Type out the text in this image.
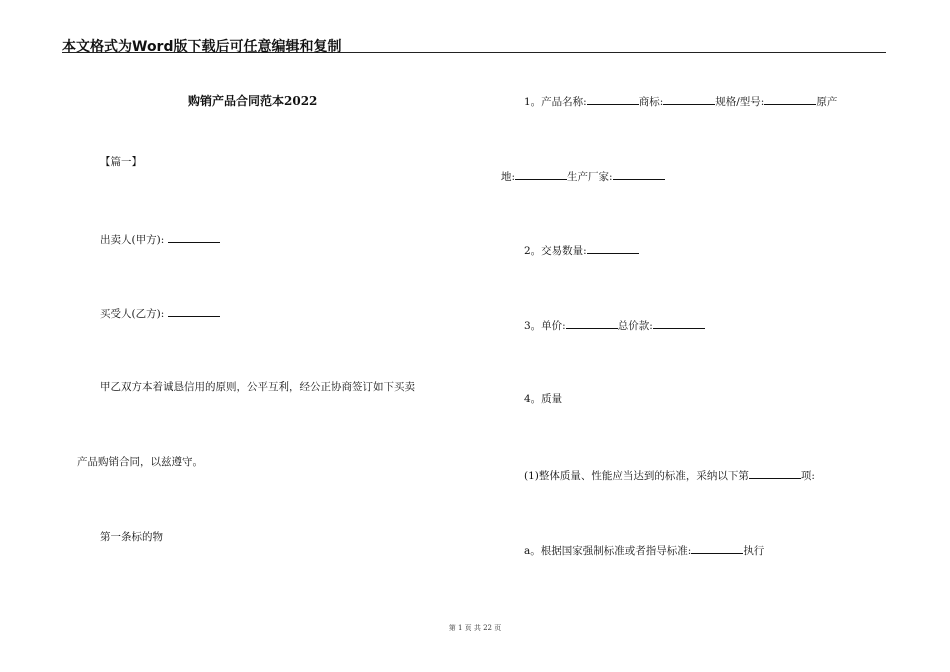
本文格式为Word版下载后可任意编辑和复制
购销产品合同范本2022
【篇一】
出卖人(甲方):
买受人(乙方):
甲乙双方本着诚恳信用的原则，公平互利，经公正协商签订如下买卖
产品购销合同，以兹遵守。
第一条标的物
1。产品名称:	商标:	规格/型号:	原产
地:	生产厂家:
2。交易数量:
3。单价:	总价款:
4。质量
(1)整体质量、性能应当达到的标准，采纳以下第	项:
a。根据国家强制标准或者指导标准:	执行
第 1 页 共 22 页
